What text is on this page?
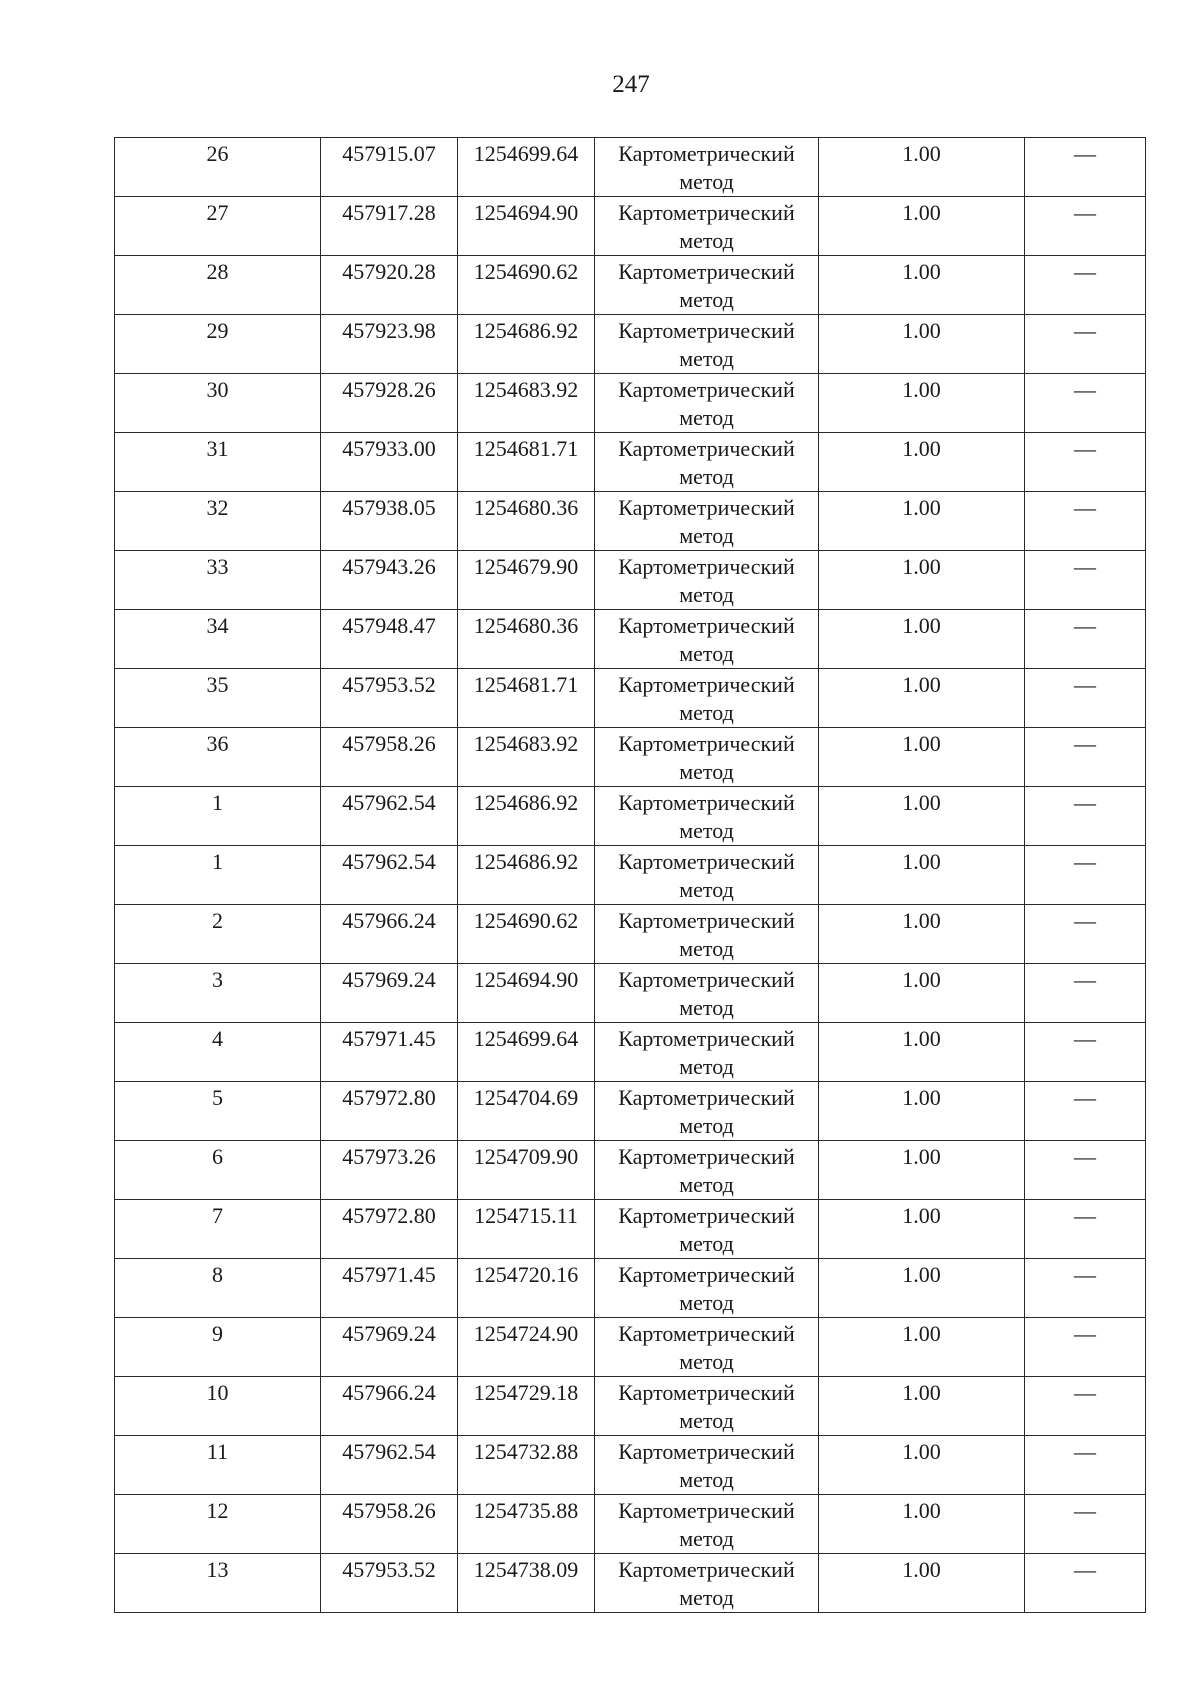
247
26	457915.07	1254699.64	Картометрический метод	1.00	—
27	457917.28	1254694.90	Картометрический метод	1.00	—
28	457920.28	1254690.62	Картометрический метод	1.00	—
29	457923.98	1254686.92	Картометрический метод	1.00	—
30	457928.26	1254683.92	Картометрический метод	1.00	—
31	457933.00	1254681.71	Картометрический метод	1.00	—
32	457938.05	1254680.36	Картометрический метод	1.00	—
33	457943.26	1254679.90	Картометрический метод	1.00	—
34	457948.47	1254680.36	Картометрический метод	1.00	—
35	457953.52	1254681.71	Картометрический метод	1.00	—
36	457958.26	1254683.92	Картометрический метод	1.00	—
1	457962.54	1254686.92	Картометрический метод	1.00	—
1	457962.54	1254686.92	Картометрический метод	1.00	—
2	457966.24	1254690.62	Картометрический метод	1.00	—
3	457969.24	1254694.90	Картометрический метод	1.00	—
4	457971.45	1254699.64	Картометрический метод	1.00	—
5	457972.80	1254704.69	Картометрический метод	1.00	—
6	457973.26	1254709.90	Картометрический метод	1.00	—
7	457972.80	1254715.11	Картометрический метод	1.00	—
8	457971.45	1254720.16	Картометрический метод	1.00	—
9	457969.24	1254724.90	Картометрический метод	1.00	—
10	457966.24	1254729.18	Картометрический метод	1.00	—
11	457962.54	1254732.88	Картометрический метод	1.00	—
12	457958.26	1254735.88	Картометрический метод	1.00	—
13	457953.52	1254738.09	Картометрический метод	1.00	—
